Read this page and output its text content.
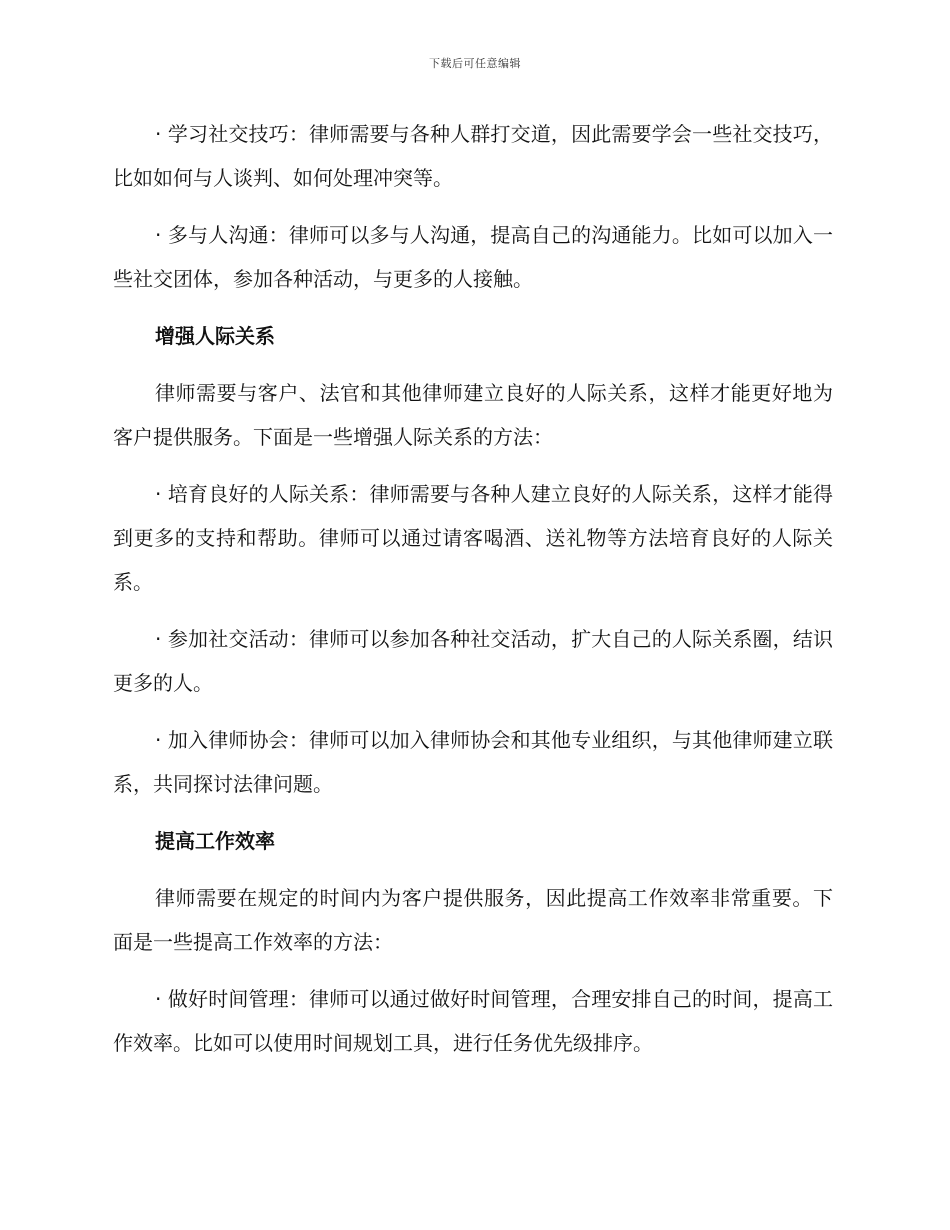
下载后可任意编辑

· 学习社交技巧：律师需要与各种人群打交道，因此需要学会一些社交技巧，比如如何与人谈判、如何处理冲突等。

· 多与人沟通：律师可以多与人沟通，提高自己的沟通能力。比如可以加入一些社交团体，参加各种活动，与更多的人接触。

增强人际关系

律师需要与客户、法官和其他律师建立良好的人际关系，这样才能更好地为客户提供服务。下面是一些增强人际关系的方法：

· 培育良好的人际关系：律师需要与各种人建立良好的人际关系，这样才能得到更多的支持和帮助。律师可以通过请客喝酒、送礼物等方法培育良好的人际关系。

· 参加社交活动：律师可以参加各种社交活动，扩大自己的人际关系圈，结识更多的人。

· 加入律师协会：律师可以加入律师协会和其他专业组织，与其他律师建立联系，共同探讨法律问题。

提高工作效率

律师需要在规定的时间内为客户提供服务，因此提高工作效率非常重要。下面是一些提高工作效率的方法：

· 做好时间管理：律师可以通过做好时间管理，合理安排自己的时间，提高工作效率。比如可以使用时间规划工具，进行任务优先级排序。
